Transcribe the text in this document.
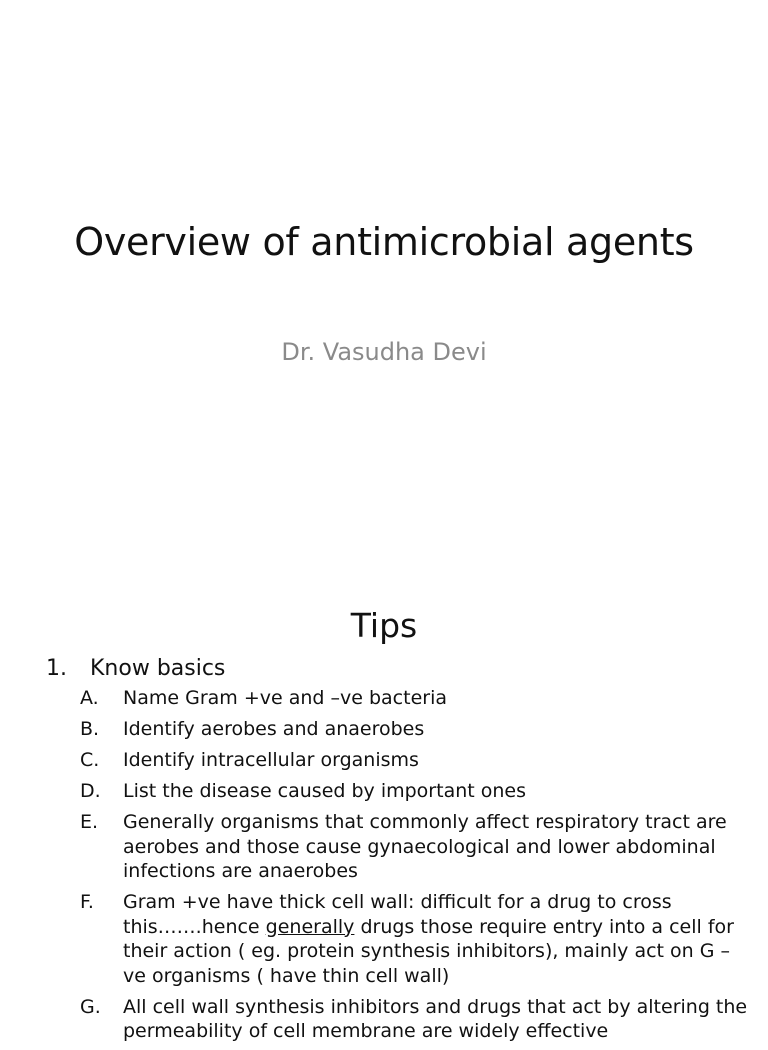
Overview of antimicrobial agents
Dr. Vasudha Devi
Tips
1. Know basics
A. Name Gram +ve and –ve bacteria
B. Identify aerobes and anaerobes
C. Identify intracellular organisms
D. List the disease caused by important ones
E. Generally organisms that commonly affect respiratory tract are aerobes and those cause gynaecological and lower abdominal infections are anaerobes
F. Gram +ve have thick cell wall: difficult for a drug to cross this…….hence generally drugs those require entry into a cell for their action ( eg. protein synthesis inhibitors), mainly act on G –ve organisms ( have thin cell wall)
G. All cell wall synthesis inhibitors and drugs that act by altering the permeability of cell membrane are widely effective
